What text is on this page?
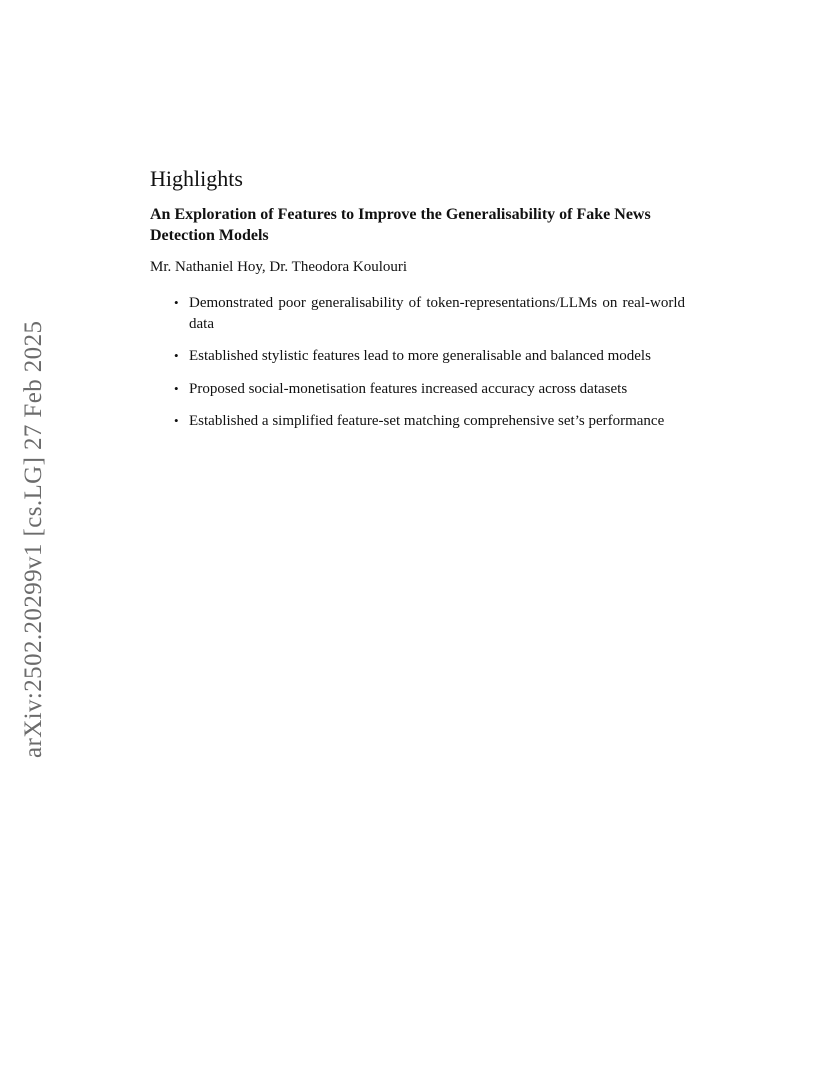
arXiv:2502.20299v1 [cs.LG] 27 Feb 2025
Highlights
An Exploration of Features to Improve the Generalisability of Fake News Detection Models
Mr. Nathaniel Hoy, Dr. Theodora Koulouri
• Demonstrated poor generalisability of token-representations/LLMs on real-world data
• Established stylistic features lead to more generalisable and balanced models
• Proposed social-monetisation features increased accuracy across datasets
• Established a simplified feature-set matching comprehensive set’s performance
